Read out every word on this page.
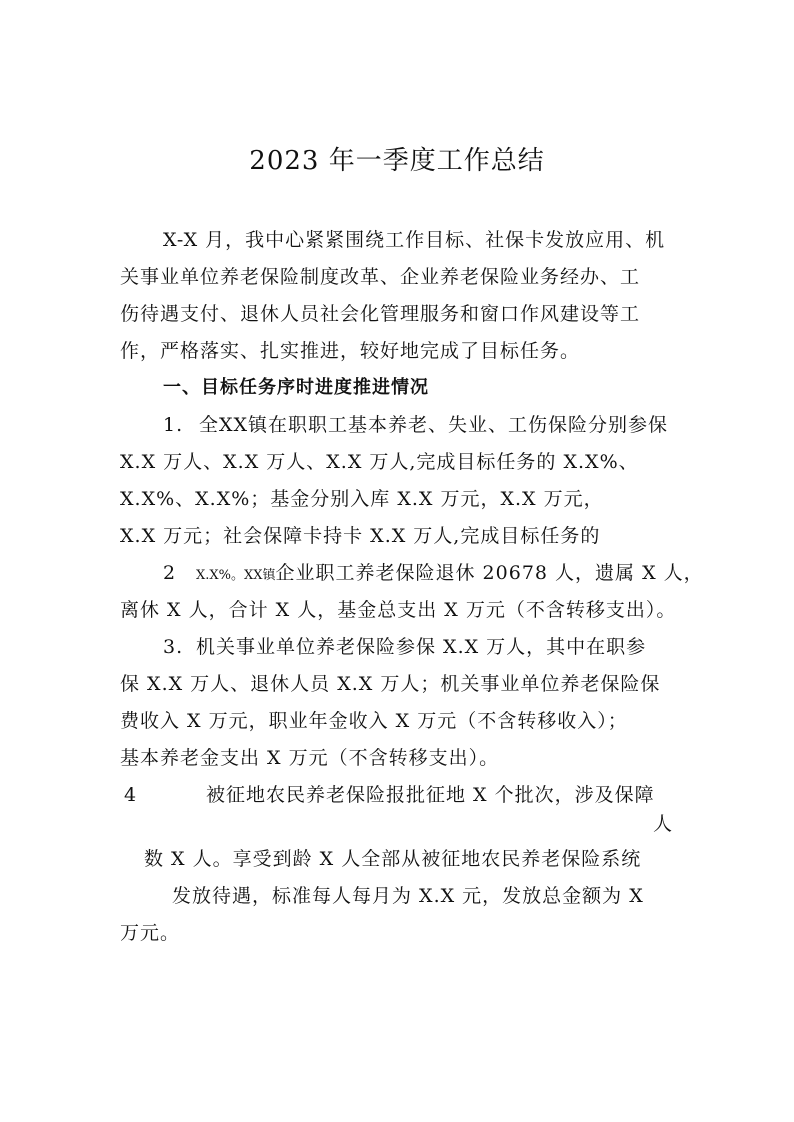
2023 年一季度工作总结
X-X 月，我中心紧紧围绕工作目标、社保卡发放应用、机
关事业单位养老保险制度改革、企业养老保险业务经办、工
伤待遇支付、退休人员社会化管理服务和窗口作风建设等工
作，严格落实、扎实推进，较好地完成了目标任务。
一、目标任务序时进度推进情况
1. 全XX镇在职职工基本养老、失业、工伤保险分别参保
X.X 万人、X.X 万人、X.X 万人,完成目标任务的 X.X%、
X.X%、X.X%；基金分别入库 X.X 万元，X.X 万元，
X.X 万元；社会保障卡持卡 X.X 万人,完成目标任务的
2 X.X%。XX镇企业职工养老保险退休 20678 人，遗属 X 人，
离休 X 人，合计 X 人，基金总支出 X 万元（不含转移支出）。
3. 机关事业单位养老保险参保 X.X 万人，其中在职参
保 X.X 万人、退休人员 X.X 万人；机关事业单位养老保险保
费收入 X 万元，职业年金收入 X 万元（不含转移收入）；
基本养老金支出 X 万元（不含转移支出）。
4	被征地农民养老保险报批征地 X 个批次，涉及保障
人
数 X 人。享受到龄 X 人全部从被征地农民养老保险系统
发放待遇，标准每人每月为 X.X 元，发放总金额为 X
万元。
